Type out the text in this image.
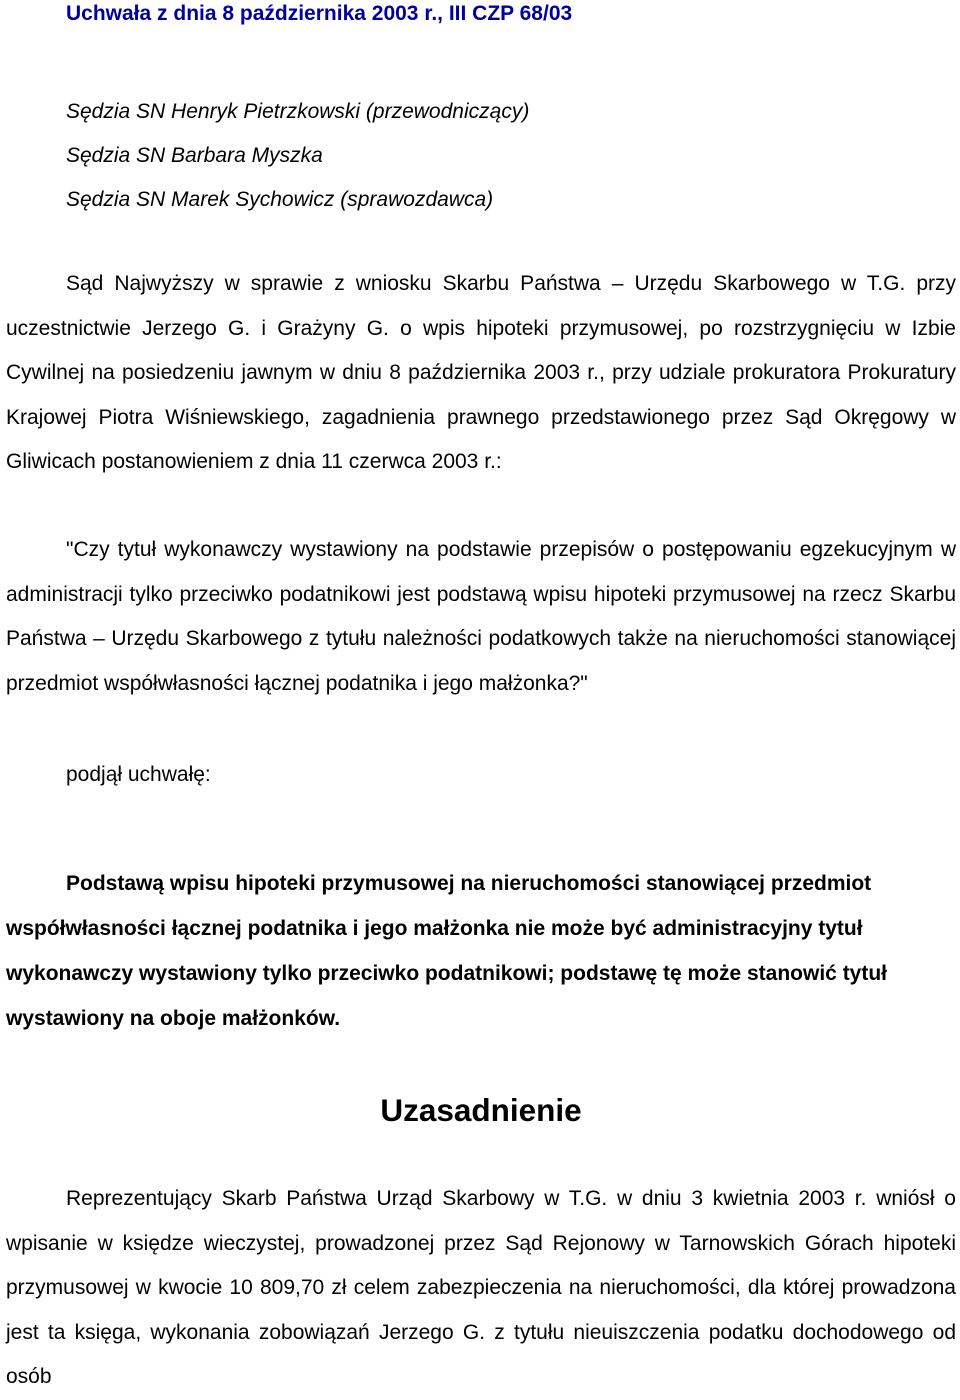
Uchwała z dnia 8 października 2003 r., III CZP 68/03

Sędzia SN Henryk Pietrzkowski (przewodniczący)

Sędzia SN Barbara Myszka

Sędzia SN Marek Sychowicz (sprawozdawca)

Sąd Najwyższy w sprawie z wniosku Skarbu Państwa – Urzędu Skarbowego w T.G. przy uczestnictwie Jerzego G. i Grażyny G. o wpis hipoteki przymusowej, po rozstrzygnięciu w Izbie Cywilnej na posiedzeniu jawnym w dniu 8 października 2003 r., przy udziale prokuratora Prokuratury Krajowej Piotra Wiśniewskiego, zagadnienia prawnego przedstawionego przez Sąd Okręgowy w Gliwicach postanowieniem z dnia 11 czerwca 2003 r.:

"Czy tytuł wykonawczy wystawiony na podstawie przepisów o postępowaniu egzekucyjnym w administracji tylko przeciwko podatnikowi jest podstawą wpisu hipoteki przymusowej na rzecz Skarbu Państwa – Urzędu Skarbowego z tytułu należności podatkowych także na nieruchomości stanowiącej przedmiot współwłasności łącznej podatnika i jego małżonka?"

podjął uchwałę:

Podstawą wpisu hipoteki przymusowej na nieruchomości stanowiącej przedmiot współwłasności łącznej podatnika i jego małżonka nie może być administracyjny tytuł wykonawczy wystawiony tylko przeciwko podatnikowi; podstawę tę może stanowić tytuł wystawiony na oboje małżonków.

Uzasadnienie

Reprezentujący Skarb Państwa Urząd Skarbowy w T.G. w dniu 3 kwietnia 2003 r. wniósł o wpisanie w księdze wieczystej, prowadzonej przez Sąd Rejonowy w Tarnowskich Górach hipoteki przymusowej w kwocie 10 809,70 zł celem zabezpieczenia na nieruchomości, dla której prowadzona jest ta księga, wykonania zobowiązań Jerzego G. z tytułu nieuiszczenia podatku dochodowego od osób
